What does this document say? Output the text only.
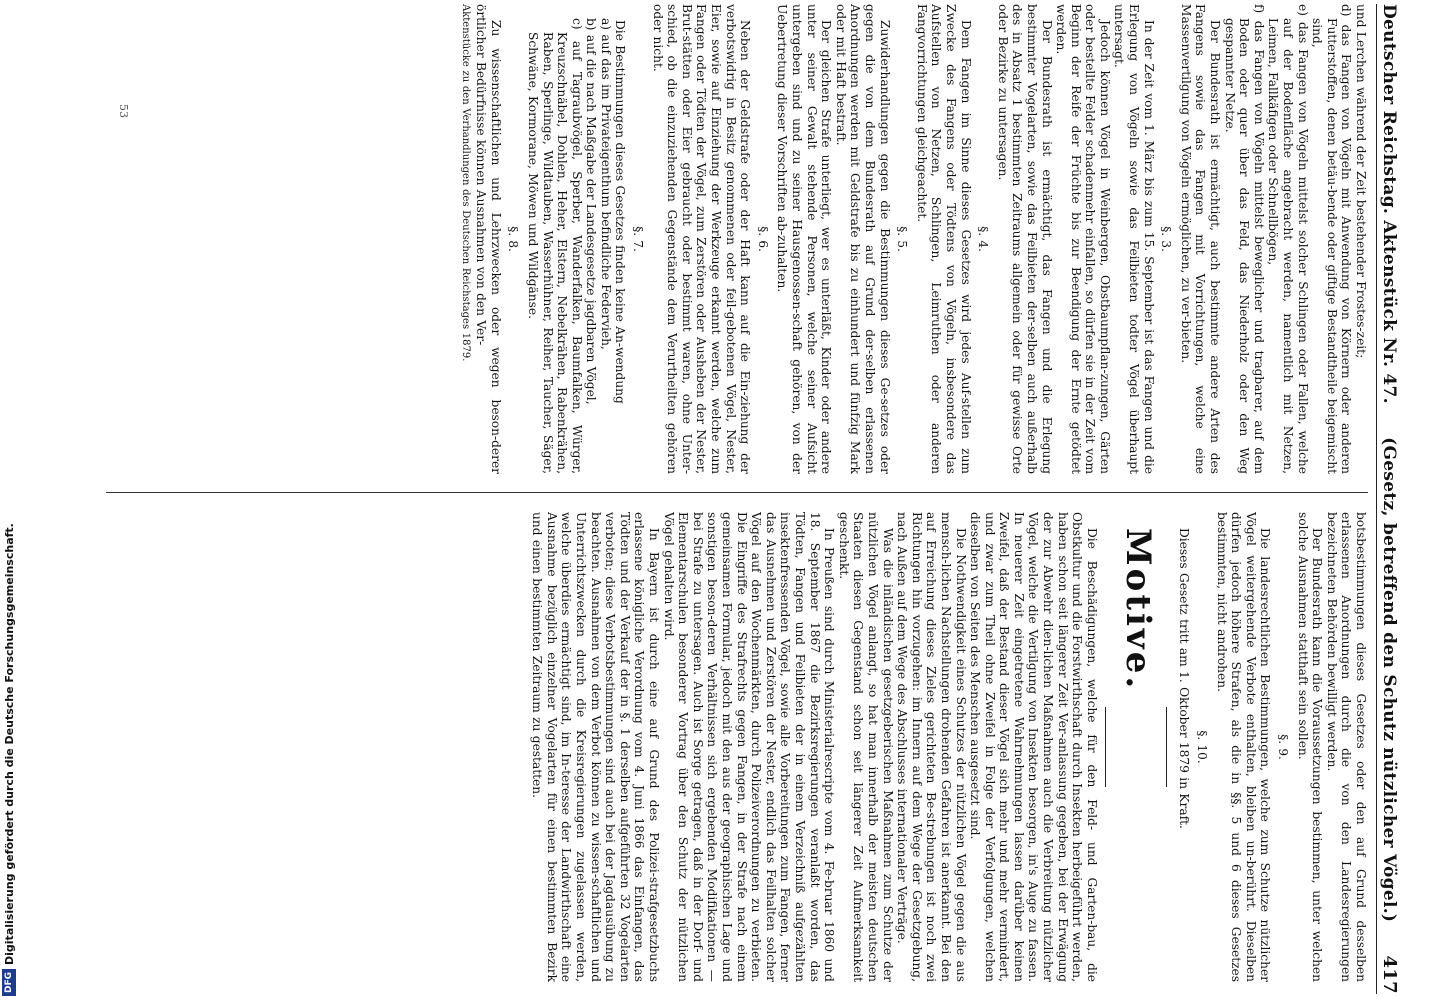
Deutscher Reichstag. Aktenstück Nr. 47.
(Gesetz, betreffend den Schutz nützlicher Vögel.)
417

und Lerchen während der Zeit bestehender Frostes-zeit;

d) das Fangen von Vögeln mit Anwendung von Körnern oder anderen Futterstoffen, denen betäu-bende oder giftige Bestandtheile beigemischt sind,

e) das Fangen von Vögeln mittelst solcher Schlingen oder Fallen, welche auf der Bodenfläche angebracht werden, namentlich mit Netzen, Leimen, Fallkäfigen oder Schnellbögen,

f) das Fangen von Vögeln mittelst beweglicher und tragbarer, auf dem Boden oder quer über das Feld, das Niederholz oder den Weg gespannter Netze.

Der Bundesrath ist ermächtigt, auch bestimmte andere Arten des Fangens sowie das Fangen mit Vorrichtungen, welche eine Massenvertilgung von Vögeln ermöglichen, zu ver-bieten.

§. 3.

In der Zeit vom 1. März bis zum 15. September ist das Fangen und die Erlegung von Vögeln sowie das Feilbieten todter Vögel überhaupt untersagt.

Jedoch können Vögel in Weinbergen, Obstbaumpflan-zungen, Gärten oder bestellte Felder schadenmehr einfallen, so dürfen sie in der Zeit vom Beginn der Reife der Früchte bis zur Beendigung der Ernte getödtet werden.

Der Bundesrath ist ermächtigt, das Fangen und die Erlegung bestimmter Vogelarten, sowie das Feilbieten der-selben auch außerhalb des in Absatz 1 bestimmten Zeitraums allgemein oder für gewisse Orte oder Bezirke zu untersagen.

§. 4.

Dem Fangen im Sinne dieses Gesetzes wird jedes Auf-stellen zum Zwecke des Fangens oder Tödtens von Vögeln, insbesondere das Aufstellen von Netzen, Schlingen, Leimruthen oder anderen Fangvorrichtungen gleichgeachtet.

§. 5.

Zuwiderhandlungen gegen die Bestimmungen dieses Ge-setzes oder gegen die von dem Bundesrath auf Grund der-selben erlassenen Anordnungen werden mit Geldstrafe bis zu einhundert und fünfzig Mark oder mit Haft bestraft.

Der gleichen Strafe unterliegt, wer es unterläßt, Kinder oder andere unter seiner Gewalt stehende Personen, welche seiner Aufsicht untergeben sind und zu seiner Hausgenossen-schaft gehören, von der Uebertretung dieser Vorschriften ab-zuhalten.

§. 6.

Neben der Geldstrafe oder der Haft kann auf die Ein-ziehung der verbotswidrig in Besitz genommenen oder feil-gebotenen Vögel, Nester, Eier, sowie auf Einziehung der Werkzeuge erkannt werden, welche zum Fangen oder Tödten der Vögel, zum Zerstören oder Ausheben der Nester, Brut-stätten oder Eier gebraucht oder bestimmt waren, ohne Unter-schied, ob die einzuziehenden Gegenstände dem Verurtheilten gehören oder nicht.

§. 7.

Die Bestimmungen dieses Gesetzes finden keine An-wendung

a) auf das im Privateigenthum befindliche Federvieh,

b) auf die nach Maßgabe der Landesgesetze jagdbaren Vögel,

c) auf Tagraubvögel, Sperber, Wanderfalken, Baumfalken, Würger, Kreuzschnäbel, Dohlen, Heher, Elstern, Nebelkrähen, Rabenkrähen, Raben, Sperlinge, Wildtauben, Wasserhühner, Reiher, Taucher, Säger, Schwäne, Kormorane, Möwen und Wildgänse.

§. 8.

Zu wissenschaftlichen und Lehrzwecken oder wegen beson-derer örtlicher Bedürfnisse können Ausnahmen von den Ver-

Aktenstücke zu den Verhandlungen des Deutschen Reichstages 1879.

botsbestimmungen dieses Gesetzes oder den auf Grund desselben erlassenen Anordnungen durch die von den Landesregierungen bezeichneten Behörden bewilligt werden.

Der Bundesrath kann die Voraussetzungen bestimmen, unter welchen solche Ausnahmen statthaft sein sollen.

§. 9.

Die landesrechtlichen Bestimmungen, welche zum Schutze nützlicher Vögel weitergehende Verbote enthalten, bleiben un-berührt. Dieselben dürfen jedoch höhere Strafen, als die in §§. 5 und 6 dieses Gesetzes bestimmten, nicht androhen.

§. 10.

Dieses Gesetz tritt am 1. Oktober 1879 in Kraft.

Motive.

Die Beschädigungen, welche für den Feld- und Garten-bau, die Obstkultur und die Forstwirthschaft durch Insekten herbeigeführt werden, haben schon seit längerer Zeit Ver-anlassung gegeben, bei der Erwägung der zur Abwehr dien-lichen Maßnahmen auch die Verbreitung nützlicher Vögel, welche die Vertilgung von Insekten besorgen, in's Auge zu fassen. In neuerer Zeit eingetretene Wahrnehmungen lassen darüber keinen Zweifel, daß der Bestand dieser Vögel sich mehr und mehr vermindert, und zwar zum Theil ohne Zweifel in Folge der Verfolgungen, welchen dieselben von Seiten des Menschen ausgesetzt sind.

Die Nothwendigkeit eines Schutzes der nützlichen Vögel gegen die aus mensch-lichen Nachstellungen drohenden Gefahren ist anerkannt. Bei den auf Erreichung dieses Zieles gerichteten Be-strebungen ist noch zwei Richtungen hin vorzugehen: im Innern auf dem Wege der Gesetzgebung, nach Außen auf dem Wege des Abschlusses internationaler Verträge.

Was die inländischen gesetzgeberischen Maßnahmen zum Schutze der nützlichen Vögel anlangt, so hat man innerhalb der meisten deutschen Staaten diesen Gegenstand schon seit längerer Zeit Aufmerksamkeit geschenkt.

In Preußen sind durch Ministerialrescripte vom 4. Fe-bruar 1860 und 18. September 1867 die Bezirksregierungen veranlaßt worden, das Tödten, Fangen und Feilbieten der in einem Verzeichniß aufgezählten insektenfressenden Vögel, sowie alle Vorbereitungen zum Fangen, ferner das Ausnehmen und Zerstören der Nester, endlich das Feilhalten solcher Vögel auf den Wochenmärkten, durch Polizeiverordnungen zu verbieten. Die Eingriffe des Strafrechts gegen Fangen, in der Strafe nach einem gemeinsamen Formular, jedoch mit den aus der geographischen Lage und sonstigen beson-deren Verhältnissen sich ergebenden Modifikationen — bei Strafe zu untersagen. Auch ist Sorge getragen, daß in der Dorf- und Elementarschulen besonderer Vortrag über den Schutz der nützlichen Vögel gehalten wird.

In Bayern ist durch eine auf Grund des Polizei-strafgesetzbuchs erlassene königliche Verordnung vom 4. Juni 1866 das Einfangen, das Tödten und der Verkauf der in §. 1 derselben aufgeführten 32 Vogelarten verboten; diese Verbotsbestimmungen sind auch bei der Jagdausübung zu beachten. Ausnahmen von dem Verbot können zu wissen-schaftlichen und Unterrichtszwecken durch die Kreisregierungen zugelassen werden, welche überdies ermächtigt sind, im In-teresse der Landwirthschaft eine Ausnahme bezüglich einzelner Vogelarten für einen bestimmten Bezirk und einen bestimmten Zeitraum zu gestatten.

53
DFG
Digitalisierung gefördert durch die Deutsche Forschungsgemeinschaft.
